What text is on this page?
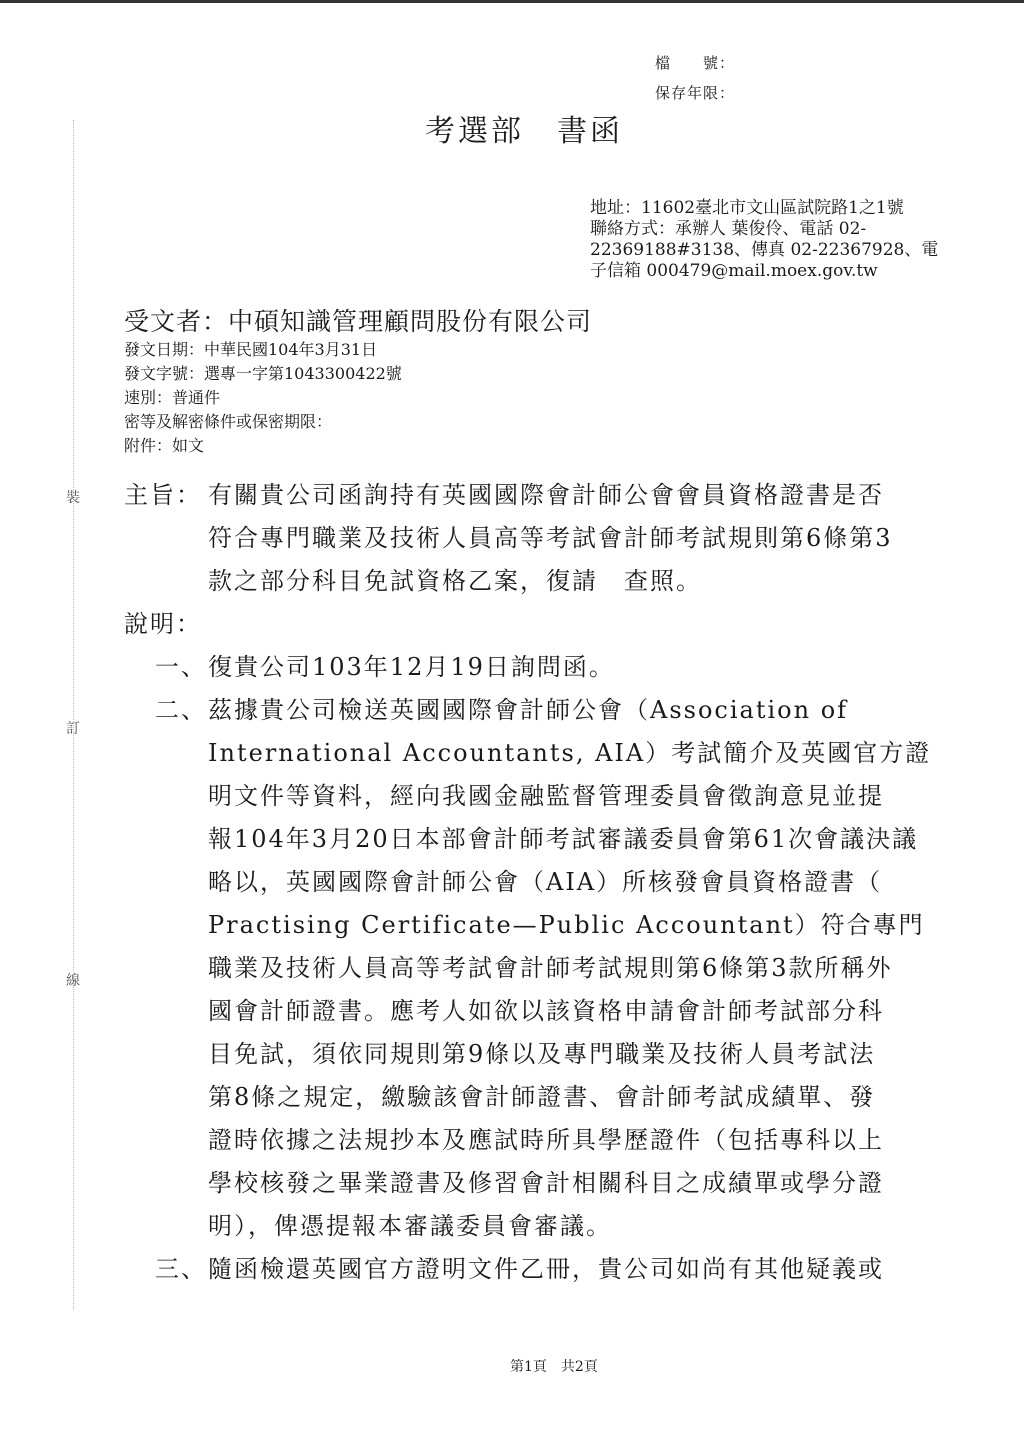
檔　　號：
保存年限：
考選部　書函
地址：11602臺北市文山區試院路1之1號
聯絡方式：承辦人 葉俊伶、電話 02-
22369188#3138、傳真 02-22367928、電
子信箱 000479@mail.moex.gov.tw
受文者：中碩知識管理顧問股份有限公司
發文日期：中華民國104年3月31日
發文字號：選專一字第1043300422號
速別：普通件
密等及解密條件或保密期限：
附件：如文
裝
訂
線
主旨： 有關貴公司函詢持有英國國際會計師公會會員資格證書是否
符合專門職業及技術人員高等考試會計師考試規則第6條第3
款之部分科目免試資格乙案，復請　查照。
說明：
一、 復貴公司103年12月19日詢問函。
二、 茲據貴公司檢送英國國際會計師公會（Association of
International Accountants, AIA）考試簡介及英國官方證
明文件等資料，經向我國金融監督管理委員會徵詢意見並提
報104年3月20日本部會計師考試審議委員會第61次會議決議
略以，英國國際會計師公會（AIA）所核發會員資格證書（
Practising Certificate—Public Accountant）符合專門
職業及技術人員高等考試會計師考試規則第6條第3款所稱外
國會計師證書。應考人如欲以該資格申請會計師考試部分科
目免試，須依同規則第9條以及專門職業及技術人員考試法
第8條之規定，繳驗該會計師證書、會計師考試成績單、發
證時依據之法規抄本及應試時所具學歷證件（包括專科以上
學校核發之畢業證書及修習會計相關科目之成績單或學分證
明），俾憑提報本審議委員會審議。
三、 隨函檢還英國官方證明文件乙冊，貴公司如尚有其他疑義或
第1頁　共2頁
